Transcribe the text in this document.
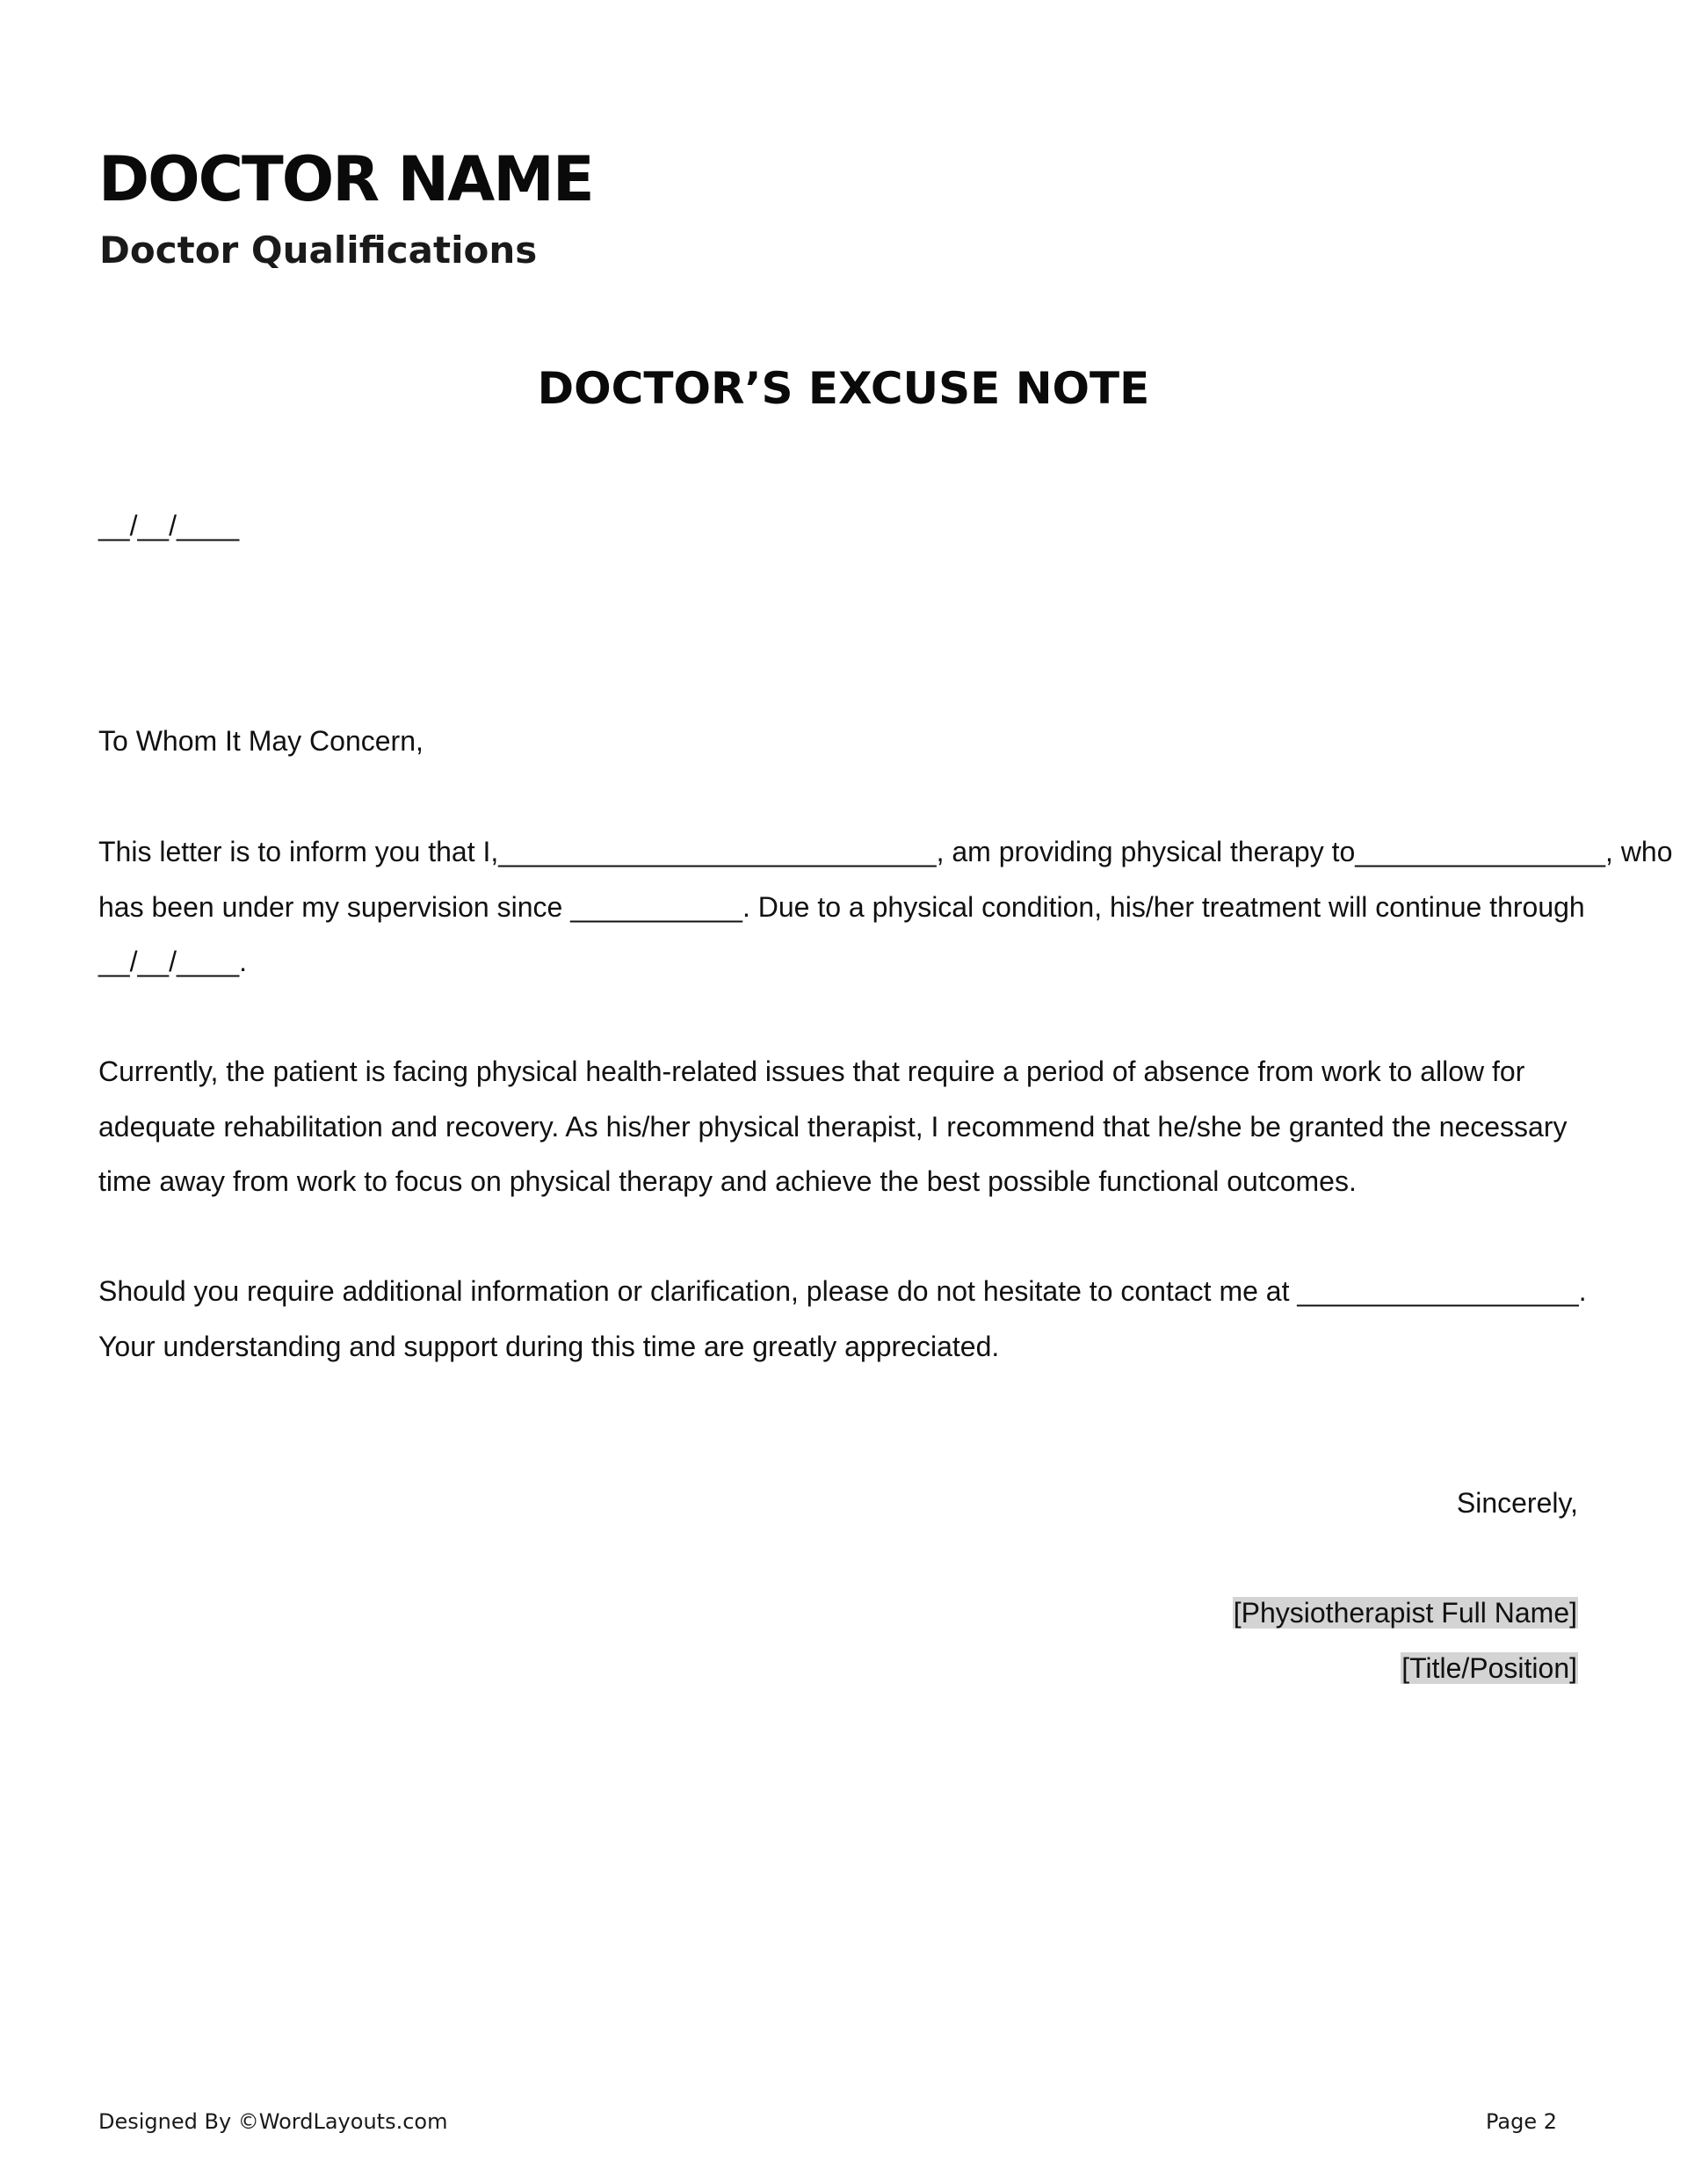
DOCTOR NAME
Doctor Qualifications
DOCTOR’S EXCUSE NOTE
__/__/____
To Whom It May Concern,
This letter is to inform you that I,____________________________, am providing physical therapy to________________, who
has been under my supervision since ___________. Due to a physical condition, his/her treatment will continue through
__/__/____.
Currently, the patient is facing physical health-related issues that require a period of absence from work to allow for
adequate rehabilitation and recovery. As his/her physical therapist, I recommend that he/she be granted the necessary
time away from work to focus on physical therapy and achieve the best possible functional outcomes.
Should you require additional information or clarification, please do not hesitate to contact me at __________________.
Your understanding and support during this time are greatly appreciated.
Sincerely,
[Physiotherapist Full Name]
[Title/Position]
Designed By ©WordLayouts.com	Page 2
